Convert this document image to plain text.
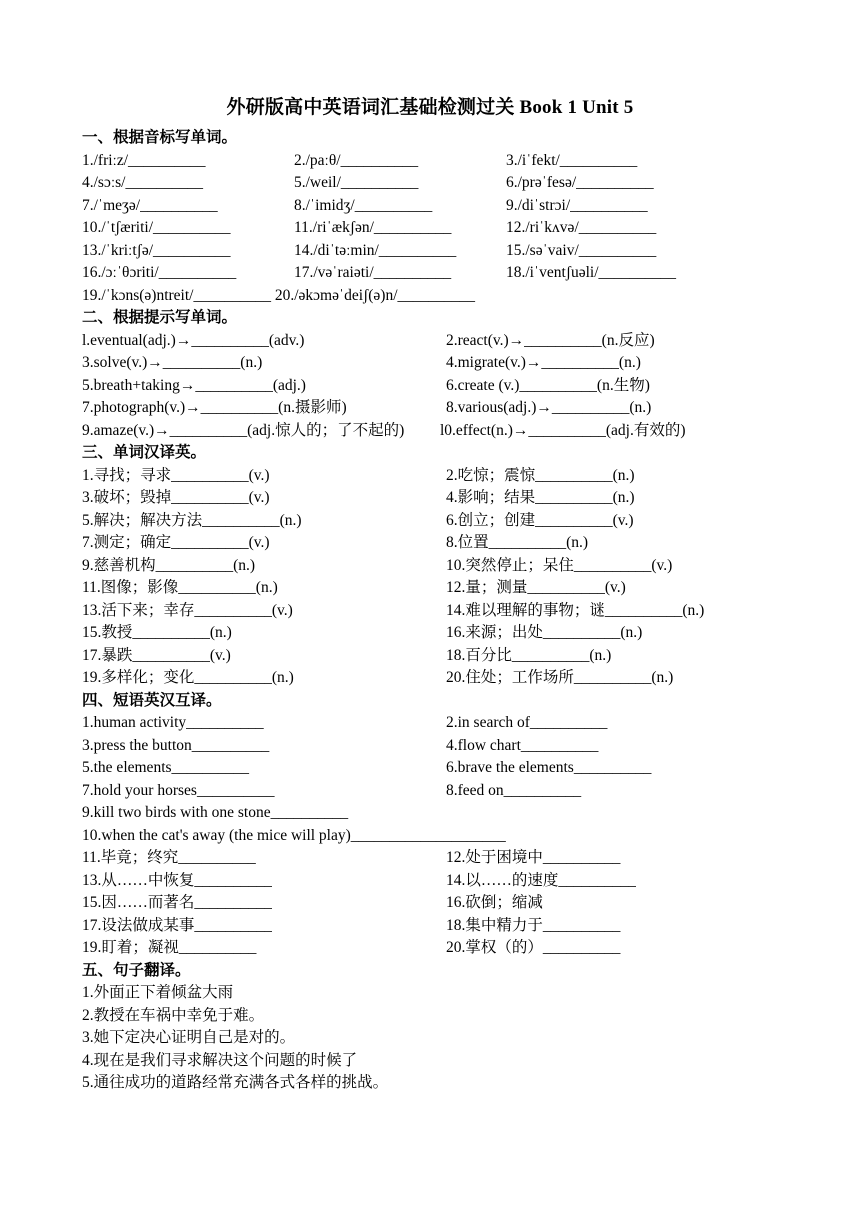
外研版高中英语词汇基础检测过关 Book 1 Unit 5
一、根据音标写单词。
1./friːz/__________	2./paːθ/__________	3./iˈfekt/__________
4./sɔːs/__________	5./weil/__________	6./prəˈfesə/__________
7./ˈmeʒə/__________	8./ˈimidʒ/__________	9./diˈstrɔi/__________
10./ˈtʃæriti/__________	11./riˈækʃən/__________	12./riˈkʌvə/__________
13./ˈkriːtʃə/__________	14./diˈtəːmin/__________	15./səˈvaiv/__________
16./ɔːˈθɔriti/__________	17./vəˈraiəti/__________	18./iˈventʃuəli/__________
19./ˈkɔns(ə)ntreit/__________ 20./əkɔməˈdeiʃ(ə)n/__________
二、根据提示写单词。
l.eventual(adj.)→__________(adv.)	2.react(v.)→__________(n.反应)
3.solve(v.)→__________(n.)	4.migrate(v.)→__________(n.)
5.breath+taking→__________(adj.)	6.create (v.)__________(n.生物)
7.photograph(v.)→__________(n.摄影师)	8.various(adj.)→__________(n.)
9.amaze(v.)→__________(adj.惊人的；了不起的) l0.effect(n.)→__________(adj.有效的)
三、单词汉译英。
1.寻找；寻求__________(v.)	2.吃惊；震惊__________(n.)
3.破坏；毁掉__________(v.)	4.影响；结果__________(n.)
5.解决；解决方法__________(n.)	6.创立；创建__________(v.)
7.测定；确定__________(v.)	8.位置__________(n.)
9.慈善机构__________(n.)	10.突然停止；呆住__________(v.)
11.图像；影像__________(n.)	12.量；测量__________(v.)
13.活下来；幸存__________(v.)	14.难以理解的事物；谜__________(n.)
15.教授__________(n.)	16.来源；出处__________(n.)
17.暴跌__________(v.)	18.百分比__________(n.)
19.多样化；变化__________(n.)	20.住处；工作场所__________(n.)
四、短语英汉互译。
1.human activity__________	2.in search of__________
3.press the button__________	4.flow chart__________
5.the elements__________	6.brave the elements__________
7.hold your horses__________	8.feed on__________
9.kill two birds with one stone__________
10.when the cat's away (the mice will play)____________________
11.毕竟；终究__________	12.处于困境中__________
13.从……中恢复__________	14.以……的速度__________
15.因……而著名__________	16.砍倒；缩减
17.设法做成某事__________	18.集中精力于__________
19.盯着；凝视__________	20.掌权（的）__________
五、句子翻译。
1.外面正下着倾盆大雨
2.教授在车祸中幸免于难。
3.她下定决心证明自己是对的。
4.现在是我们寻求解决这个问题的时候了
5.通往成功的道路经常充满各式各样的挑战。
